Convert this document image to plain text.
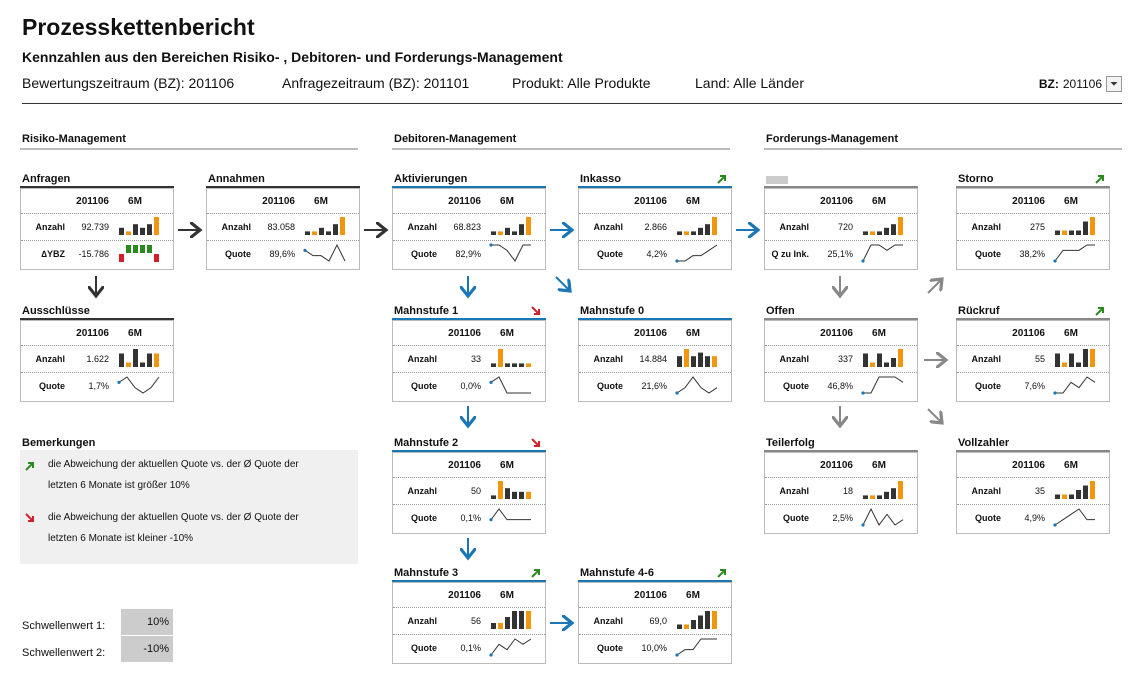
Prozesskettenbericht
Kennzahlen aus den Bereichen Risiko- , Debitoren- und Forderungs-Management
Bewertungszeitraum (BZ): 201106	Anfragezeitraum (BZ): 201101	Produkt: Alle Produkte	Land: Alle Länder	BZ: 201106 ⏷
Risiko-Management	Debitoren-Management	Forderungs-Management
Anfragen
201106	6M
Anzahl	92.739
∆YBZ	-15.786
Annahmen
201106	6M
Anzahl	83.058
Quote	89,6%
Ausschlüsse
201106	6M
Anzahl	1.622
Quote	1,7%
Aktivierungen
201106	6M
Anzahl	68.823
Quote	82,9%
Inkasso
201106	6M
Anzahl	2.866
Quote	4,2%
201106	6M
Anzahl	720
Q zu Ink.	25,1%
Storno
201106	6M
Anzahl	275
Quote	38,2%
Mahnstufe 1
201106	6M
Anzahl	33
Quote	0,0%
Mahnstufe 0
201106	6M
Anzahl	14.884
Quote	21,6%
Offen
201106	6M
Anzahl	337
Quote	46,8%
Rückruf
201106	6M
Anzahl	55
Quote	7,6%
Mahnstufe 2
201106	6M
Anzahl	50
Quote	0,1%
Teilerfolg
201106	6M
Anzahl	18
Quote	2,5%
Vollzahler
201106	6M
Anzahl	35
Quote	4,9%
Mahnstufe 3
201106	6M
Anzahl	56
Quote	0,1%
Mahnstufe 4-6
201106	6M
Anzahl	69,0
Quote	10,0%
Bemerkungen
die Abweichung der aktuellen Quote vs. der Ø Quote der
letzten 6 Monate ist größer 10%
die Abweichung der aktuellen Quote vs. der Ø Quote der
letzten 6 Monate ist kleiner -10%
Schwellenwert 1:	10%
Schwellenwert 2:	-10%
